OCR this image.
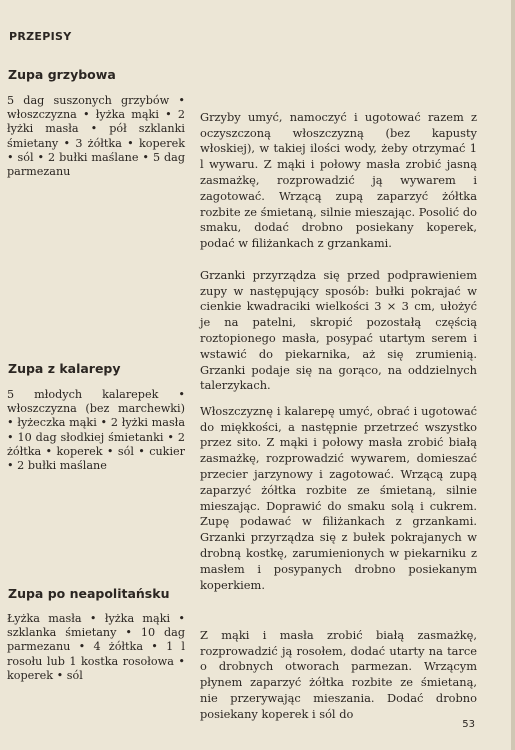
PRZEPISY
Zupa grzybowa
5 dag suszonych grzybów • włoszczyzna • łyżka mąki • 2 łyżki masła • pół szklanki śmietany • 3 żółtka • koperek • sól • 2 bułki maślane • 5 dag parmezanu

Grzyby umyć, namoczyć i ugotować razem z oczyszczoną włoszczyzną (bez kapusty włoskiej), w takiej ilości wody, żeby otrzymać 1 l wywaru. Z mąki i połowy masła zrobić jasną zasmażkę, rozprowadzić ją wywarem i zagotować. Wrzącą zupą zaparzyć żółtka rozbite ze śmietaną, silnie mieszając. Posolić do smaku, dodać drobno posiekany koperek, podać w filiżankach z grzankami.

Grzanki przyrządza się przed podprawieniem zupy w następujący sposób: bułki pokrajać w cienkie kwadraciki wielkości 3 × 3 cm, ułożyć je na patelni, skropić pozostałą częścią roztopionego masła, posypać utartym serem i wstawić do piekarnika, aż się zrumienią. Grzanki podaje się na gorąco, na oddzielnych talerzykach.

Zupa z kalarepy
5 młodych kalarepek • włoszczyzna (bez marchewki) • łyżeczka mąki • 2 łyżki masła • 10 dag słodkiej śmietanki • 2 żółtka • koperek • sól • cukier • 2 bułki maślane

Włoszczyznę i kalarepę umyć, obrać i ugotować do miękkości, a następnie przetrzeć wszystko przez sito. Z mąki i połowy masła zrobić białą zasmażkę, rozprowadzić wywarem, domieszać przecier jarzynowy i zagotować. Wrzącą zupą zaparzyć żółtka rozbite ze śmietaną, silnie mieszając. Doprawić do smaku solą i cukrem. Zupę podawać w filiżankach z grzankami. Grzanki przyrządza się z bułek pokrajanych w drobną kostkę, zarumienionych w piekarniku z masłem i posypanych drobno posiekanym koperkiem.

Zupa po neapolitańsku
Łyżka masła • łyżka mąki • szklanka śmietany • 10 dag parmezanu • 4 żółtka • 1 l rosołu lub 1 kostka rosołowa • koperek • sól

Z mąki i masła zrobić białą zasmażkę, rozprowadzić ją rosołem, dodać utarty na tarce o drobnych otworach parmezan. Wrzącym płynem zaparzyć żółtka rozbite ze śmietaną, nie przerywając mieszania. Dodać drobno posiekany koperek i sól do

53
